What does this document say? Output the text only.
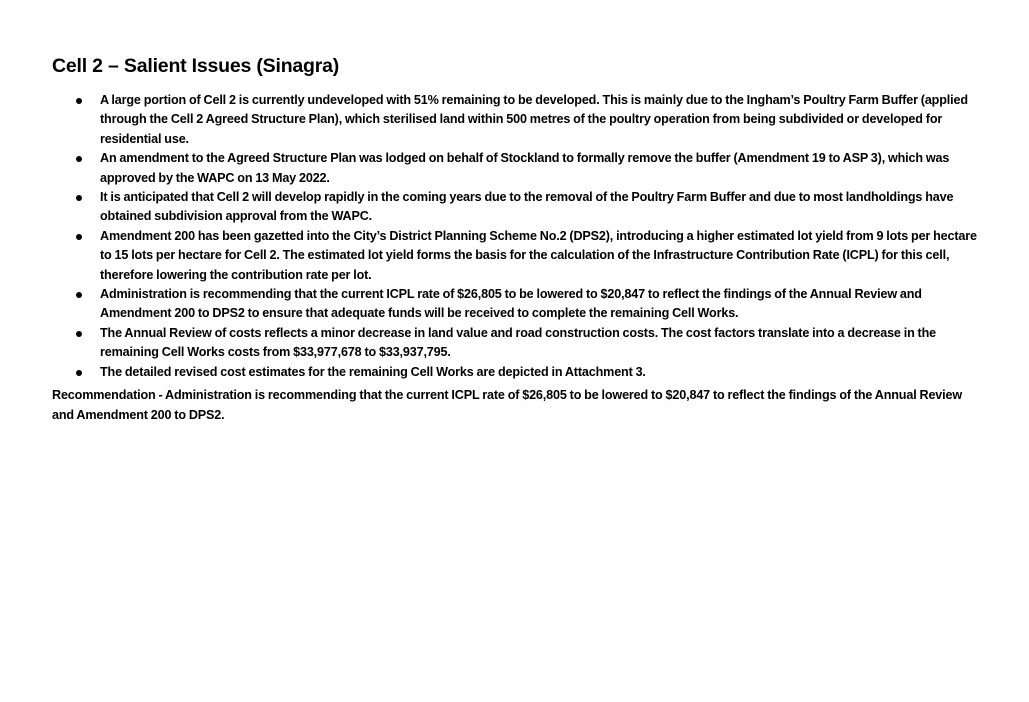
Cell 2 – Salient Issues (Sinagra)
A large portion of Cell 2 is currently undeveloped with 51% remaining to be developed. This is mainly due to the Ingham’s Poultry Farm Buffer (applied through the Cell 2 Agreed Structure Plan), which sterilised land within 500 metres of the poultry operation from being subdivided or developed for residential use.
An amendment to the Agreed Structure Plan was lodged on behalf of Stockland to formally remove the buffer (Amendment 19 to ASP 3), which was approved by the WAPC on 13 May 2022.
It is anticipated that Cell 2 will develop rapidly in the coming years due to the removal of the Poultry Farm Buffer and due to most landholdings have obtained subdivision approval from the WAPC.
Amendment 200 has been gazetted into the City’s District Planning Scheme No.2 (DPS2), introducing a higher estimated lot yield from 9 lots per hectare to 15 lots per hectare for Cell 2. The estimated lot yield forms the basis for the calculation of the Infrastructure Contribution Rate (ICPL) for this cell, therefore lowering the contribution rate per lot.
Administration is recommending that the current ICPL rate of $26,805 to be lowered to $20,847 to reflect the findings of the Annual Review and Amendment 200 to DPS2 to ensure that adequate funds will be received to complete the remaining Cell Works.
The Annual Review of costs reflects a minor decrease in land value and road construction costs. The cost factors translate into a decrease in the remaining Cell Works costs from $33,977,678 to $33,937,795.
The detailed revised cost estimates for the remaining Cell Works are depicted in Attachment 3.

Recommendation - Administration is recommending that the current ICPL rate of $26,805 to be lowered to $20,847 to reflect the findings of the Annual Review and Amendment 200 to DPS2.
